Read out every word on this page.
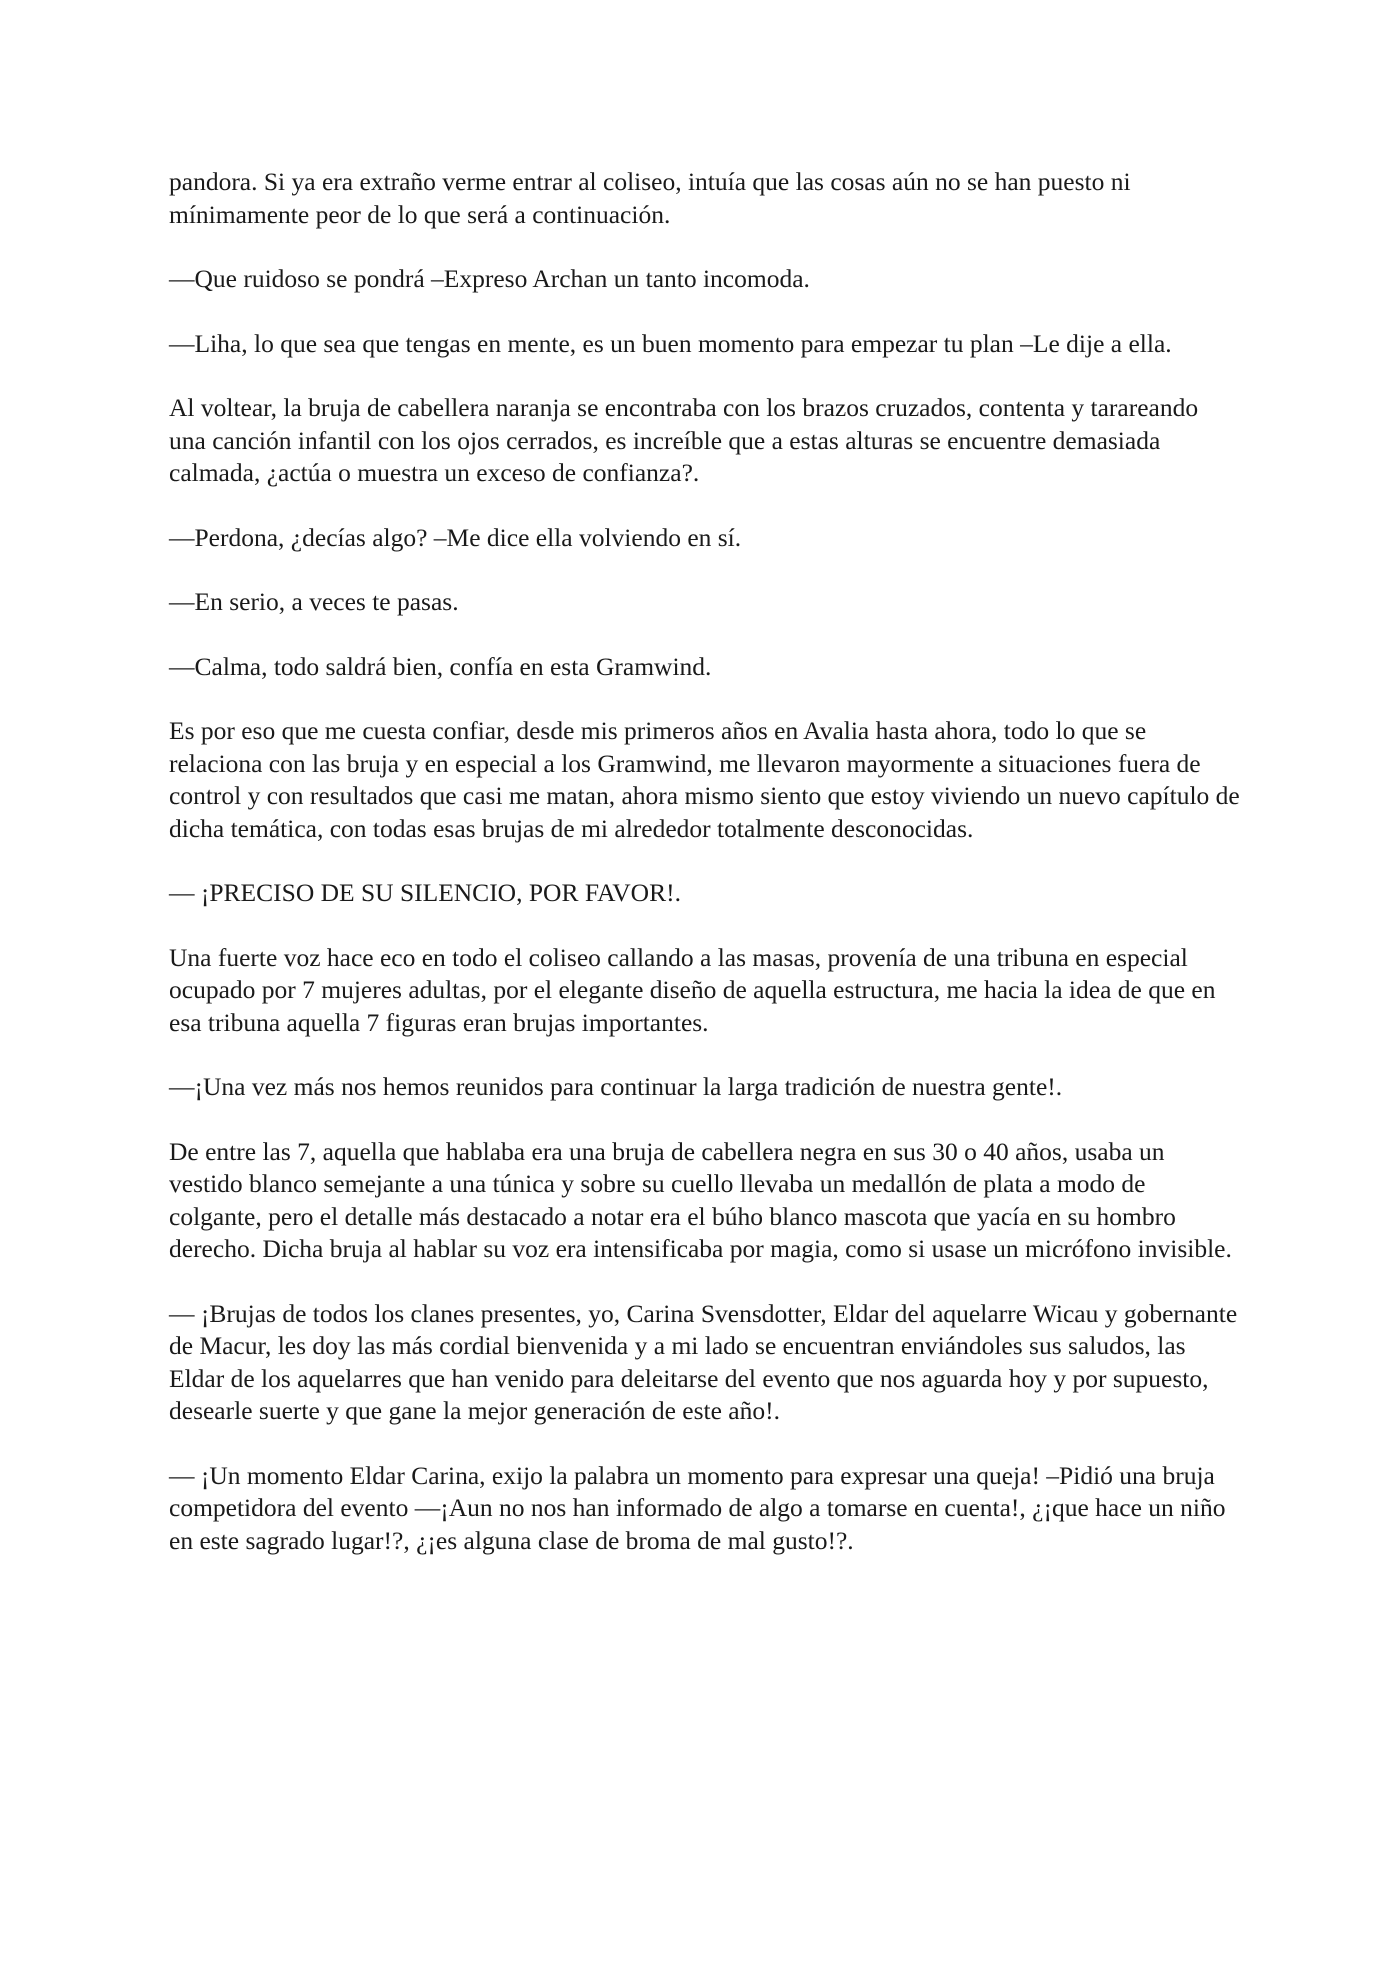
pandora. Si ya era extraño verme entrar al coliseo, intuía que las cosas aún no se han puesto ni mínimamente peor de lo que será a continuación.

—Que ruidoso se pondrá –Expreso Archan un tanto incomoda.

—Liha, lo que sea que tengas en mente, es un buen momento para empezar tu plan –Le dije a ella.

Al voltear, la bruja de cabellera naranja se encontraba con los brazos cruzados, contenta y tarareando una canción infantil con los ojos cerrados, es increíble que a estas alturas se encuentre demasiada calmada, ¿actúa o muestra un exceso de confianza?.

—Perdona, ¿decías algo? –Me dice ella volviendo en sí.

—En serio, a veces te pasas.

—Calma, todo saldrá bien, confía en esta Gramwind.

Es por eso que me cuesta confiar, desde mis primeros años en Avalia hasta ahora, todo lo que se relaciona con las bruja y en especial a los Gramwind, me llevaron mayormente a situaciones fuera de control y con resultados que casi me matan, ahora mismo siento que estoy viviendo un nuevo capítulo de dicha temática, con todas esas brujas de mi alrededor totalmente desconocidas.

— ¡PRECISO DE SU SILENCIO, POR FAVOR!.

Una fuerte voz hace eco en todo el coliseo callando a las masas, provenía de una tribuna en especial ocupado por 7 mujeres adultas, por el elegante diseño de aquella estructura, me hacia la idea de que en esa tribuna aquella 7 figuras eran brujas importantes.

—¡Una vez más nos hemos reunidos para continuar la larga tradición de nuestra gente!.

De entre las 7, aquella que hablaba era una bruja de cabellera negra en sus 30 o 40 años, usaba un vestido blanco semejante a una túnica y sobre su cuello llevaba un medallón de plata a modo de colgante, pero el detalle más destacado a notar era el búho blanco mascota que yacía en su hombro derecho. Dicha bruja al hablar su voz era intensificaba por magia, como si usase un micrófono invisible.

— ¡Brujas de todos los clanes presentes, yo, Carina Svensdotter, Eldar del aquelarre Wicau y gobernante de Macur, les doy las más cordial bienvenida y a mi lado se encuentran enviándoles sus saludos, las Eldar de los aquelarres que han venido para deleitarse del evento que nos aguarda hoy y por supuesto, desearle suerte y que gane la mejor generación de este año!.

— ¡Un momento Eldar Carina, exijo la palabra un momento para expresar una queja! –Pidió una bruja competidora del evento —¡Aun no nos han informado de algo a tomarse en cuenta!, ¿¡que hace un niño en este sagrado lugar!?, ¿¡es alguna clase de broma de mal gusto!?.
